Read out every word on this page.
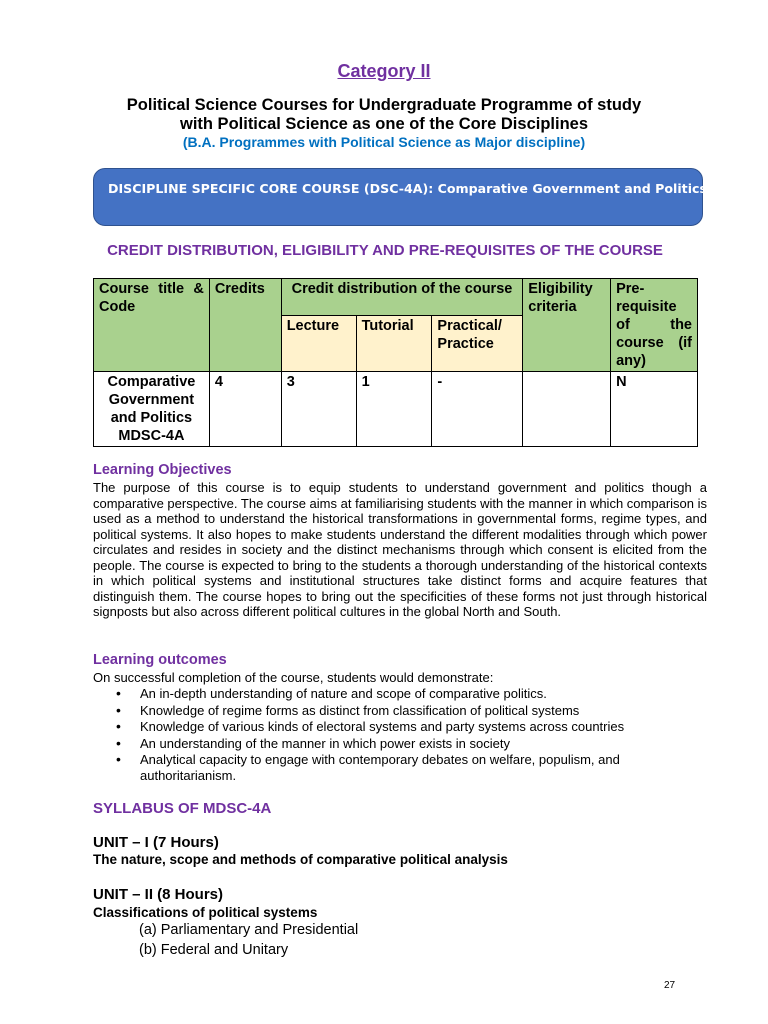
Category II
Political Science Courses for Undergraduate Programme of study
with Political Science as one of the Core Disciplines
(B.A. Programmes with Political Science as Major discipline)
DISCIPLINE SPECIFIC CORE COURSE (DSC-4A): Comparative Government and Politics
CREDIT DISTRIBUTION, ELIGIBILITY AND PRE-REQUISITES OF THE COURSE
Course title & Code	Credits	Credit distribution of the course			Eligibility criteria	Pre-requisite of the course (if any)

		Lecture	Tutorial	Practical/ Practice		

Comparative
Government
and Politics
MDSC-4A	4	3	1	-		N
Learning Objectives
The purpose of this course is to equip students to understand government and politics though a comparative perspective. The course aims at familiarising students with the manner in which comparison is used as a method to understand the historical transformations in governmental forms, regime types, and political systems. It also hopes to make students understand the different modalities through which power circulates and resides in society and the distinct mechanisms through which consent is elicited from the people. The course is expected to bring to the students a thorough understanding of the historical contexts in which political systems and institutional structures take distinct forms and acquire features that distinguish them. The course hopes to bring out the specificities of these forms not just through historical signposts but also across different political cultures in the global North and South.
Learning outcomes
On successful completion of the course, students would demonstrate:
• An in-depth understanding of nature and scope of comparative politics.
• Knowledge of regime forms as distinct from classification of political systems
• Knowledge of various kinds of electoral systems and party systems across countries
• An understanding of the manner in which power exists in society
• Analytical capacity to engage with contemporary debates on welfare, populism, and authoritarianism.
SYLLABUS OF MDSC-4A
UNIT – I (7 Hours)
The nature, scope and methods of comparative political analysis
UNIT – II (8 Hours)
Classifications of political systems
(a) Parliamentary and Presidential
(b) Federal and Unitary
27
